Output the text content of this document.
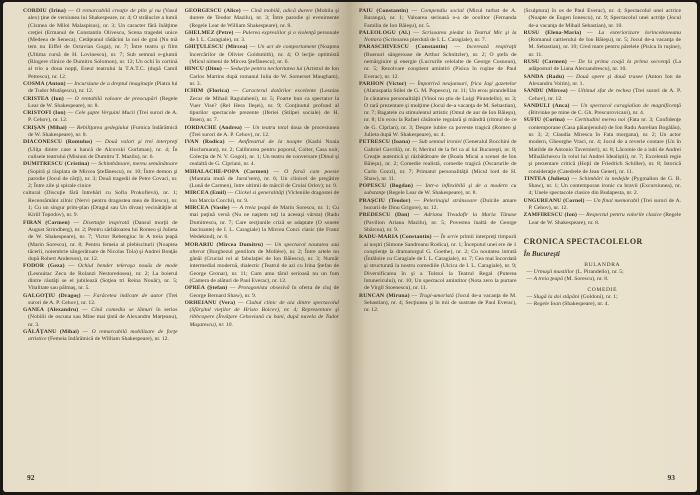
CORDIU (Irina) — O remarcabilă creaţie de plin şi nu (Vasul alex) ţine de versiunea lui Shakespeare, nr. 4; O strălucire a lumii (Cismea de Miloi Malaspisus), nr. 3; Un caracter fără înălţime creţiei (Ermanul de Constantin Olivescu, Scena tragedei unice (Medeea de Seneca), Cetăţeanul rădăcini la noi de grai (Nu mă tem nu Eiffel de Octavian Goga), nr. 7; Între teatru şi film (Ultima cursă de H. Lovinescu), nr. 7; Sub semnul e-glumii (Ringere clinice de Dumitru Solomon), nr. 12; Un ochi în cortină al trio a doua nopţi, Eseul teatrului la T.A.T.C. (după Camil Petrescu), nr. 12.

COSMA (Anton) — Incursiune de a dreptul imaginaţie (Piatra lui de Tudor Mutăşescu), nr. 12.

CRISTEA (Ion) — O rentabilă valoare de preocupări (Regele Lear de W. Shakespeare), nr. 8.

CRISTOFI (Ion) — Cele şapte Verşuini Mucii (Trei surori de A. P. Cehov), nr. 12.

CRIŞAN (Mihai) — Rebiliţarea gedegiului (Furnica îndărătnică de W. Shakespeare), nr. 8.

DIACONESCU (Romulus) — Două valori şi trei interpreţi (Uliţa dintre case a bancă de Alcovski Gorbman), nr. 4; În culisele teatrului (Misiuni de Dumitru T. Mazilu), nr. 6.

DUMITRESCU (Cristina) — Schimbătoare, mereu semănătoare (Sopiră şi răsplata de Mircea Ştefănescu), nr. 10; Între demon şi parodie (Jocul de cărţi), nr. 3; Două tragedii de Petre Covaci, nr. 2; Între zile şi spirale cinice

cultural (Discuţie fără întrebări cu Sofia Prokofievá), nr. 1; Recensământ zilnic (Nervi pentru dragostea mea de Iliescu), nr. 1; Cu un singur prim-plan (Dragul sau Un divan) vecinătăţile al Kirill Topodov), nr. 9.

FIRAN (Carmen) — Disettaţie inspirată (Dansul morţii de August Strindberg), nr. 2; Pentru sărbătoarea lui Romeo şi Julieta de W. Shakespeare), nr. 7; Victor Rebengiuc în A treia ţeapă (Marin Sorescu), nr. 8; Pentru femeia al plebisciturii (Noaptea tăcerii, noiembrie sângerătoare de Nicolas Tola) şi Andrei Bonţăs după Robert Anderson), nr. 12.

FODOR (Geza) — Ochiul bender teleraşa nouăs de mode (Lesnuitac Zecu de Rolanzi Nestoredosea), nr. 2; La boierul dintre răutăţi se el jubilează (Soţiea tri Reina Nouăr), nr. 5; Vitalitate sau pălmaş, nr. 5.

GALGOŢIU (Dragoş) — Farăcetea indicate de autor (Trei surori de A. P. Cehov), nr. 12.

GANEA (Alexandru) — Cină comedia se lămuri în serios (Nobilii de oscuna sau Mine mai ţintă de Alexandru Marţeanu), nr. 3.

GĂLĂŢANU (Mihai) — O remarcabilă mobilizare de forţe artistice (Femeia îndărătnică de William Shakespeare), nr. 12.

GEORGESCU (Alice) — Cină mobilă, adică durere (Mobila şi durere de Teodor Mazilu), nr. 3; Între parodie şi evenimente (Regele Lear de William Shakespeare), nr. 8.

GHELMEZ (Petre) — Pulerea expresiilor şi o violenţă personale de I. L. Caragiale), nr. 3.

GHIŢULESCU (Mircea) — Un act de comportament (Noaptea încercărilor de Olivier Goldsmith), nr. 4; O lecţie optimistă (Micul nimeni de Mircea Ştefănescu), nr. 6.

HINCU (Dinu) — Seducţie pentru neclaritatea lui (Artistul de Ion Carlos Martins după romanul Iulia de W. Somerset Maugham), nr. 3.

ICHIM (Florica) — Caracterul dotărilor excelente (Lesnias Zecar de Mihail Ragulaheni), nr. 5; Foarte bun ca spectator la Vuer Vise? (Rel Hera Ileşei), nr. 9; Conţinutul profund al tipurilor spectacole prezente (Iferiei (Stilpei sociale) de H. Ibsen), nr. 7.

IORDACHE (Andrea) — Un teatru total doua de procesiunea (Trei surori de A. P. Cehov), nr. 12.

IVAN (Rodica) — Amfiteatrul de la noapte (Kashi Noaia Hochsmann), nr. 2; Calibrarea pentru poporul, Colter, Casa noir, Colecţia de N. V. Gogol), nr. 1; Un teatru de conversare (Dinul și cealaltă de G. Cipriani, nr. 4.

MIHALACHE-POPA (Carmen) — O farsă cam poesie (Muntaia mută de Jurni'sem), nr. 6; Un clinicel de pregătire (Lună de Carmen), între ultimii de mărcil de Crolai Orlov); nr. 9.

MIRCEA (Emil) — Clickel si generalităţi (Vicleniile dragostei de Ion Marcia Cocchi), nr. 9.

MIRCEA (Vasile) — A treia ţeapă de Marin Sorescu, nr. 1; Cu mai puţină versă (Nu ne naştem toţi la aceeaşi vârsta) (Radu Dumitrescu, nr. 7; Care secţiunile criză se adaptate (O sonete fascinante) de I. L. Caragiale) la Mircea Conci clasic (de Franz Wedekind), nr. 6.

MORARIU (Mircea Dumitru) — Un spectacol noutatea sau alterat (Burghezul gentilom de Molière), nr. 2; Între artele nu gânăi (Crucial rol al fabulaţiei de Ion Băiescu), nr. 3; Număr intermedial modernă, dialectic (Teatrul de azi cu Irina Ştefan de George Gronar), nr. 11; Cum amu tărul serioasă nu un fum (Camera de alături de Paul Everac), nr. 12.

OPREA (Ştefan) — Protagonista obsesivă în oferta de cluj de George Bernard Shaw), nr. 9.

ORHEIANU (Vera) — Clubul clinic de aia dintre spectacolul (Sfârşitul vieţilor de Hristo Boicev), nr. 4; Reprezentare şi ribbcopere (Învăţare Cehoviană cu bani, după nuvela de Tudor Muşatescu), nr. 10.

92

PAIU (Constantin) — Compendiu social (Micul turbat de A. Baranga), nr. 1; Valoarea serioasă o-a de ocolitor (Fernanda Familia de Ion Băieşu), nr. 5.

PALEOLOGU (Al.) — Scrisoarea piedut la Teatrul Mic şi la Nottara (Scrisoarea pierdută de I. L. Caragiale), nr. 7.

PARASCHIVESCU (Constantin) — Incerează respiraţii (Ruenuri sângeroase de Arthur Schnitzler), nr. 2; O ştefa de nemărginire şi energie (Lucrurile celelalte de George Cosnoun), nr. 5; Rezolvare conştient amintiri (Pisica în ruşine de Paul Everac), nr. 12.

PARHON (Victor) — Împotrivă neajunsuri, frica Iaşi gazetelor (Alaraspatia Stilei de G. M. Popescu), nr. 11; Un erou pirandellian în căutarea personalităţii (Vinoi nu ştiu de Luigi Pirandello), nr. 3; O rară prezentare şi mulţime (Jocul de-a vacanţa de M. Sebastian), nr. 7; Bagatele cu stimulentul artistic (Omul de aur de Ion Băieşu), nr. 8; Un ecou la Rafael căsătorie regulară şi mândră (ritmul de ce de G. Ciprian), nr. 3; Despre iubire ca poveste tragică (Romeo şi Julieta după W. Shakespeare), nr. 4.

PETRESCU (Ioana) — Sub semnul ironiei (Generalul Bocchini de Gabriel Gavrilă), nr. 6; Meritul de la fel ca al lui Bucureşti, nr. 8; Creaţie autentică şi răzbătătoare de (Boala Micai a scenei de Ion Băieşu), nr. 2; Comedie realistă, comedie tragică (Oscarurile de Carlo Gozzi), nr. 7; Primatul personalităţii (Micul lord de H. Shaw), nr. 11.

POPESCU (Bogdan) — Intr-o inflexibilă şi de a modern cu substanţe (Regele Lear de W. Shakespeare), nr. 8.

PRAŞCIU (Teodor) — Pelerinajul strânsoare (Dulcile amare bucurii de Dinu Grigore), nr. 12.

PREDESCU (Dan) — Adriana Treadafir la Maria Tănase (Pavilion Ariana Mazilu), nr. 5; Povestea înaltă de George Sbârcea), nr. 9.

RADU-MARIA (Constantin) — În scrie primii interpreţi timpurii ai noştri (Simone Sandreanu Rodica), nr. 1; Începutul unei ere de 1 conştienţe la dramaturgul G. Goethe), nr. 2; Cu noutatea intrată (Întâlnire cu Caragiale de I. L. Caragiale), nr. 7; Cea mai încordată şi structurată la nostru comediile (Ulcica de I. L. Caragiale), nr. 9; Diversificarea în şi a Tolstoi la Teatrul Regal (Puterea întunericului), nr. 10; Un spectacol amintitor (Nota zero la purtare de Virgil Stoenescu), nr. 11.

RUNCAN (Miruna) — Tragi-umoristă (Jocul de-a vacanţa de M. Sebastian), nr. 4; Secţiunea şi în mii de sustrate de Paul Everac), nr. 12.

(Sculptura) în os de Paul Everac), nr. 4; Spectacolul unei actrice (Noapte de Eugen Ionescu), nr. 9; Spectacolul unei actriţe (Jocul de-a vacanţa de Mihail Sebastian), nr. 10.

RUSU (Elena-Maria) — La exteriorizare lorincelezeeanu (Romanul cartierului de Ion Băieşu), nr. 5; Jocul de-a vacanţa de M. Sebastian), nr. 10; Cred mare pentru pârelele (Pisica în ruşine), nr. 11.

RUSU (Carmen) — De la prima coajă la prima secvenţă (La adăposturi de Liana Alecsandrescu), nr. 10.

SANDA (Radu) — Două opere şi două trasee (Anton Ion de Alexandru Voitin), nr. 1.

SANDU (Mircea) — Ultimul sfat de rechea (Trei surori de A. P. Cehov), nr. 12.

SANDULI (Anca) — Un spectacol caragialian de magnificenţă (Bitvinke pe mine de C. Gh. Prescurovicani), nr. 4.

SUFIU (Corina) — Certitudini mereu noi (Fata nr. 3; Confidenţe contemporane (Casa păianjenului) de Ion Radu Aurelian Bogâlău), nr. 3; 2; Claudia Mirescu în Fata morgana), nr. 2; Un actor modern, Gheorghe Vraci, nr. 4; Jocul de a reverie contare (Un în Matilde de Antonio Tavernieri), nr. 8; Lâcomie de a iubi de Andrei Mîhalăchescu în rolul lui Andrei Idealiştii), nr. 7; Excelentă regie şi prezentare critică (Hoţii de Friedrich Schiller), nr. 8; Istorică consideraţie (Catedrele de Jean Genet), nr. 11.

TINTEA (Julieta) — Schimbări la nedejde (Pygmalion de G. B. Shaw), nr. 1; Un contemporan ironic cu bravii (Excursiunea), nr. 4; Unele spectacole clasice din Budapesta, nr. 2.

UNGUREANU (Cornel) — Un final memorabil (Trei surori de A. P. Cehov), nr. 12.

ZAMFIRESCU (Ion) — Respectul pentru valorile clasice (Regele Lear de W. Shakespeare), nr. 8.

CRONICA SPECTACOLELOR
În Bucureşti
BULANDRA

— Urmaşii mustiilor (L. Pirandello), nr. 5;

— A treia ţeapă (M. Sorescu), nr. 8.

COMEDIE

— Slugă la doi stăpâni (Goldoni), nr. 1;

— Regele Ioan (Shakespeare), nr. 4.

93
